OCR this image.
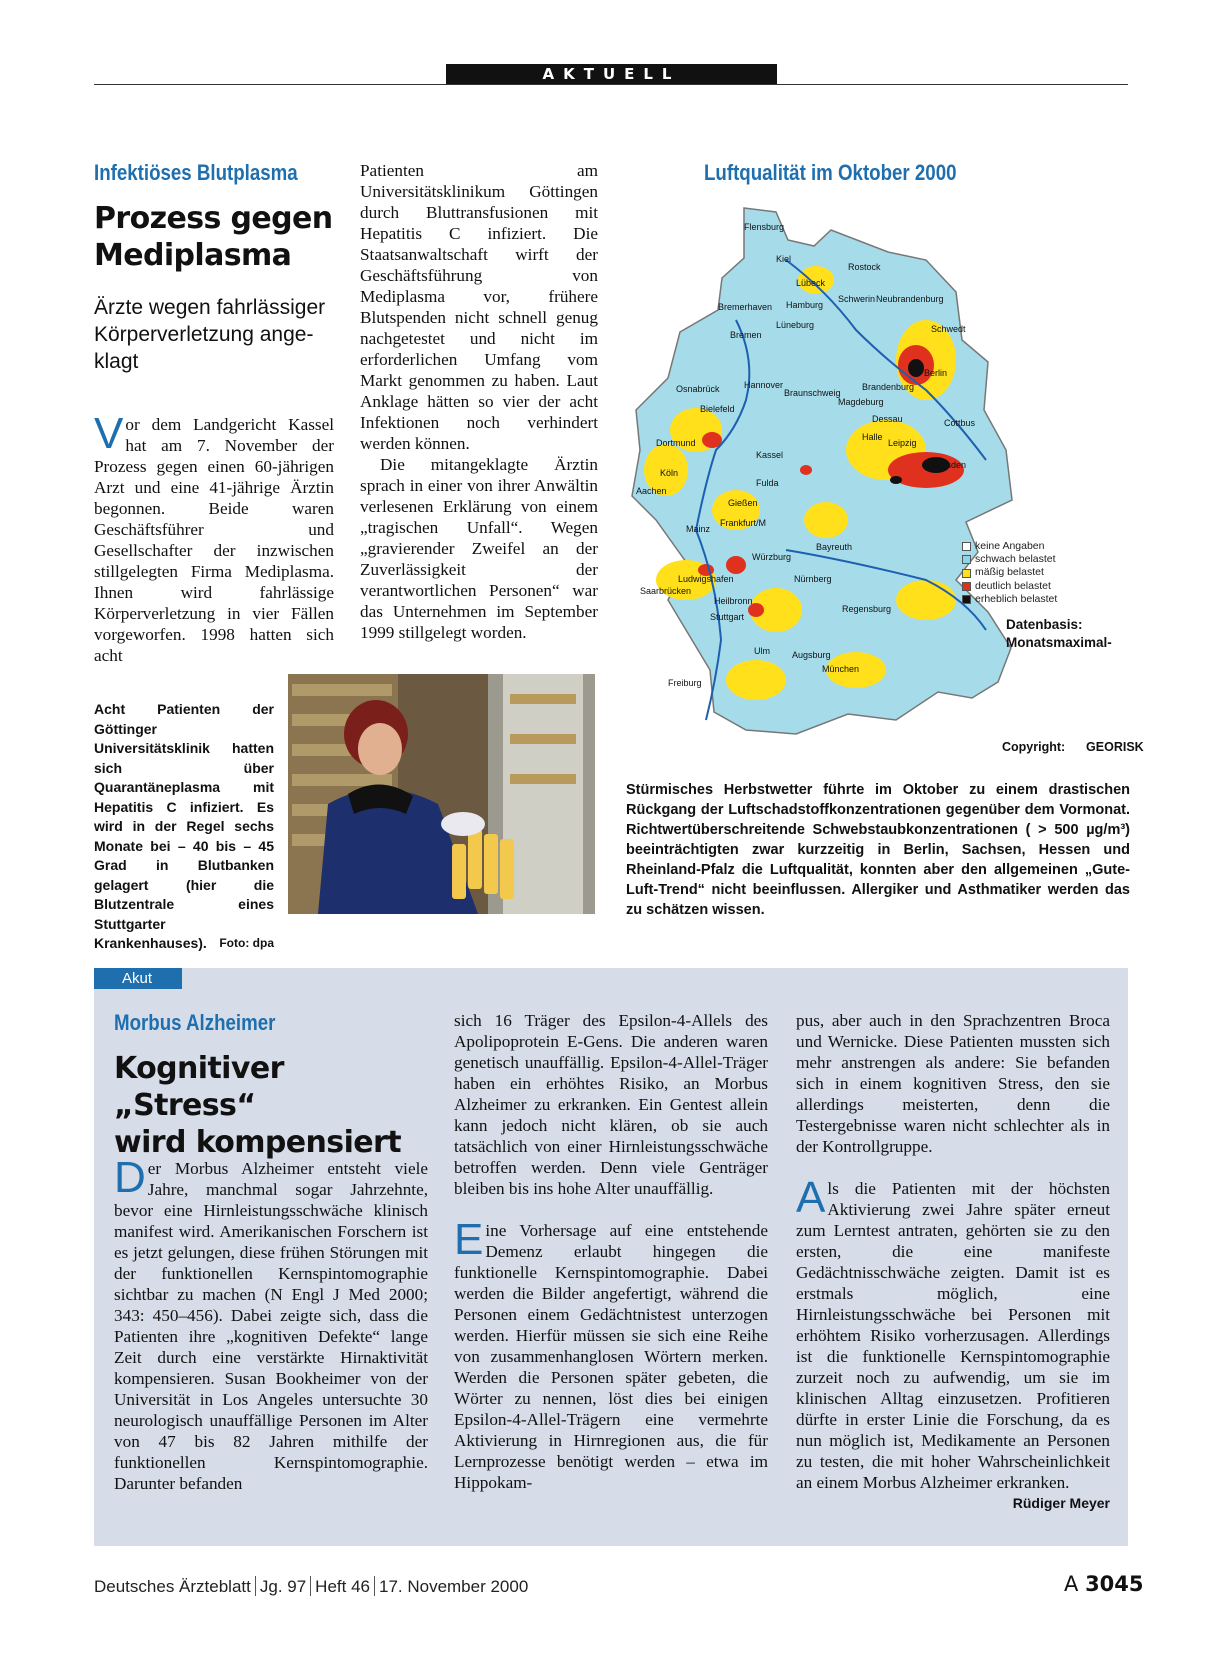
AKTUELL
Infektiöses Blutplasma
Prozess gegen
Mediplasma
Ärzte wegen fahrlässiger
Körperverletzung ange-
klagt
Vor dem Landgericht Kassel hat am 7. November der Prozess gegen einen 60-jährigen Arzt und eine 41-jährige Ärztin begonnen. Beide waren Geschäftsführer und Gesellschafter der inzwischen stillgelegten Firma Mediplasma. Ihnen wird fahrlässige Körperverletzung in vier Fällen vorgeworfen. 1998 hatten sich acht

Patienten am Universitätsklinikum Göttingen durch Bluttransfusionen mit Hepatitis C infiziert. Die Staatsanwaltschaft wirft der Geschäftsführung von Mediplasma vor, frühere Blutspenden nicht schnell genug nachgetestet und nicht im erforderlichen Umfang vom Markt genommen zu haben. Laut Anklage hätten so vier der acht Infektionen noch verhindert werden können.

Die mitangeklagte Ärztin sprach in einer von ihrer Anwältin verlesenen Erklärung von einem „tragischen Unfall“. Wegen „gravierender Zweifel an der Zuverlässigkeit der verantwortlichen Personen“ war das Unternehmen im September 1999 stillgelegt worden.

Acht Patienten der Göttinger Universitätsklinik hatten sich über Quarantäneplasma mit Hepatitis C infiziert. Es wird in der Regel sechs Monate bei – 40 bis – 45 Grad in Blutbanken gelagert (hier die Blutzentrale eines Stuttgarter Krankenhauses). Foto: dpa
Luftqualität im Oktober 2000
Flensburg
Kiel
Rostock
Lübeck
Schwerin Neubrandenburg
Bremerhaven Hamburg
Lüneburg	Schwedt
Bremen
Berlin
Osnabrück	Hannover
Braunschweig
Bielefeld
Brandenburg
Magdeburg
Dortmund
Dessau	Cottbus
Halle
Leipzig
Köln
Aachen
Kassel
Dresden
Fulda
Gießen
Frankfurt/M
Mainz
Bayreuth
Würzburg
Ludwigshafen
Saarbrücken
Nürnberg
Heilbronn
Regensburg
Stuttgart
Ulm Augsburg
Freiburg
München
keine Angaben
schwach belastet
mäßig belastet
deutlich belastet
erheblich belastet
Datenbasis:
Monatsmaximal-
Copyright: GEORISK
Stürmisches Herbstwetter führte im Oktober zu einem drastischen Rückgang der Luftschadstoffkonzentrationen gegenüber dem Vormonat. Richtwertüberschreitende Schwebstaubkonzentrationen ( > 500 µg/m³) beeinträchtigten zwar kurzzeitig in Berlin, Sachsen, Hessen und Rheinland-Pfalz die Luftqualität, konnten aber den allgemeinen „Gute-Luft-Trend“ nicht beeinflussen. Allergiker und Asthmatiker werden das zu schätzen wissen.
Akut
Morbus Alzheimer
Kognitiver „Stress“
wird kompensiert
Der Morbus Alzheimer entsteht viele Jahre, manchmal sogar Jahrzehnte, bevor eine Hirnleistungsschwäche klinisch manifest wird. Amerikanischen Forschern ist es jetzt gelungen, diese frühen Störungen mit der funktionellen Kernspintomographie sichtbar zu machen (N Engl J Med 2000; 343: 450–456). Dabei zeigte sich, dass die Patienten ihre „kognitiven Defekte“ lange Zeit durch eine verstärkte Hirnaktivität kompensieren. Susan Bookheimer von der Universität in Los Angeles untersuchte 30 neurologisch unauffällige Personen im Alter von 47 bis 82 Jahren mithilfe der funktionellen Kernspintomographie. Darunter befanden
sich 16 Träger des Epsilon-4-Allels des Apolipoprotein E-Gens. Die anderen waren genetisch unauffällig. Epsilon-4-Allel-Träger haben ein erhöhtes Risiko, an Morbus Alzheimer zu erkranken. Ein Gentest allein kann jedoch nicht klären, ob sie auch tatsächlich von einer Hirnleistungsschwäche betroffen werden. Denn viele Genträger bleiben bis ins hohe Alter unauffällig.
Eine Vorhersage auf eine entstehende Demenz erlaubt hingegen die funktionelle Kernspintomographie. Dabei werden die Bilder angefertigt, während die Personen einem Gedächtnistest unterzogen werden. Hierfür müssen sie sich eine Reihe von zusammenhanglosen Wörtern merken. Werden die Personen später gebeten, die Wörter zu nennen, löst dies bei einigen Epsilon-4-Allel-Trägern eine vermehrte Aktivierung in Hirnregionen aus, die für Lernprozesse benötigt werden – etwa im Hippokam-
pus, aber auch in den Sprachzentren Broca und Wernicke. Diese Patienten mussten sich mehr anstrengen als andere: Sie befanden sich in einem kognitiven Stress, den sie allerdings meisterten, denn die Testergebnisse waren nicht schlechter als in der Kontrollgruppe.
Als die Patienten mit der höchsten Aktivierung zwei Jahre später erneut zum Lerntest antraten, gehörten sie zu den ersten, die eine manifeste Gedächtnisschwäche zeigten. Damit ist es erstmals möglich, eine Hirnleistungsschwäche bei Personen mit erhöhtem Risiko vorherzusagen. Allerdings ist die funktionelle Kernspintomographie zurzeit noch zu aufwendig, um sie im klinischen Alltag einzusetzen. Profitieren dürfte in erster Linie die Forschung, da es nun möglich ist, Medikamente an Personen zu testen, die mit hoher Wahrscheinlichkeit an einem Morbus Alzheimer erkranken.
Rüdiger Meyer
Deutsches Ärzteblatt Jg. 97 Heft 46 17. November 2000	A 3045
